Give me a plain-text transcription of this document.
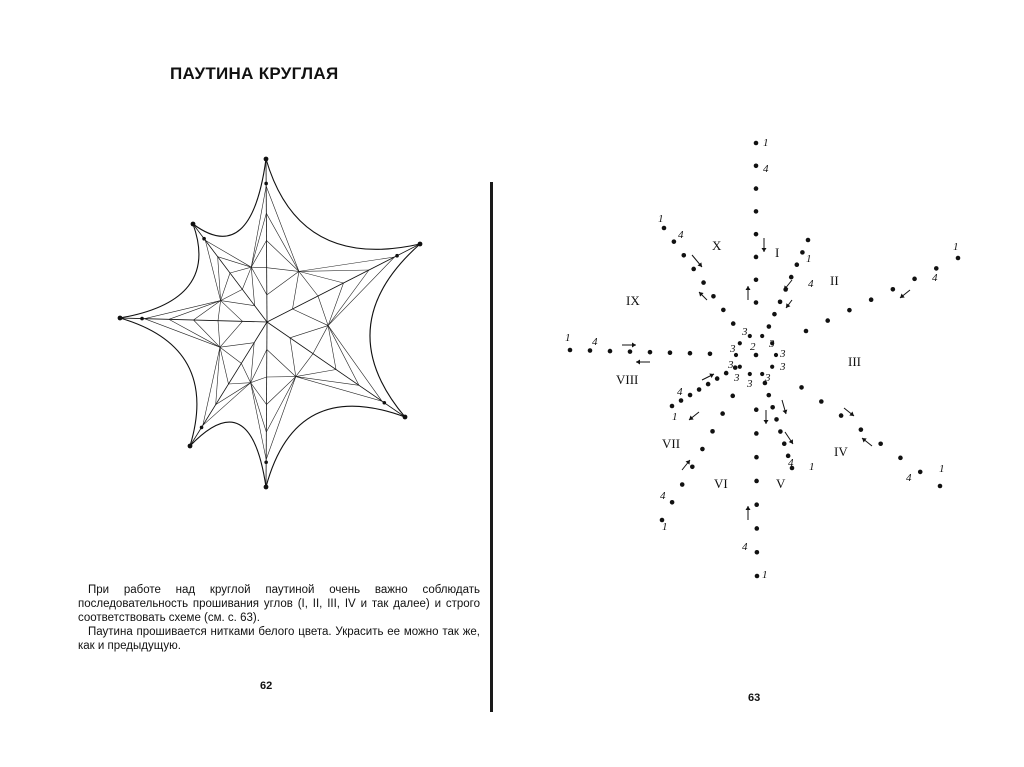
ПАУТИНА КРУГЛАЯ

При работе над круглой паутиной очень важно соблюдать последовательность прошивания углов (I, II, III, IV и так далее) и строго соответствовать схеме (см. с. 63).

Паутина прошивается нитками белого цвета. Украсить ее можно так же, как и предыдущую.

62
I
II
III
IV
V
VI
VII
VIII
IX
X
2
3
3	3
3
3	3
3 3
3
1
4
1
4
1
4
1
4
1
4
1
4
1
4
1
4
1 4
1
4
63
